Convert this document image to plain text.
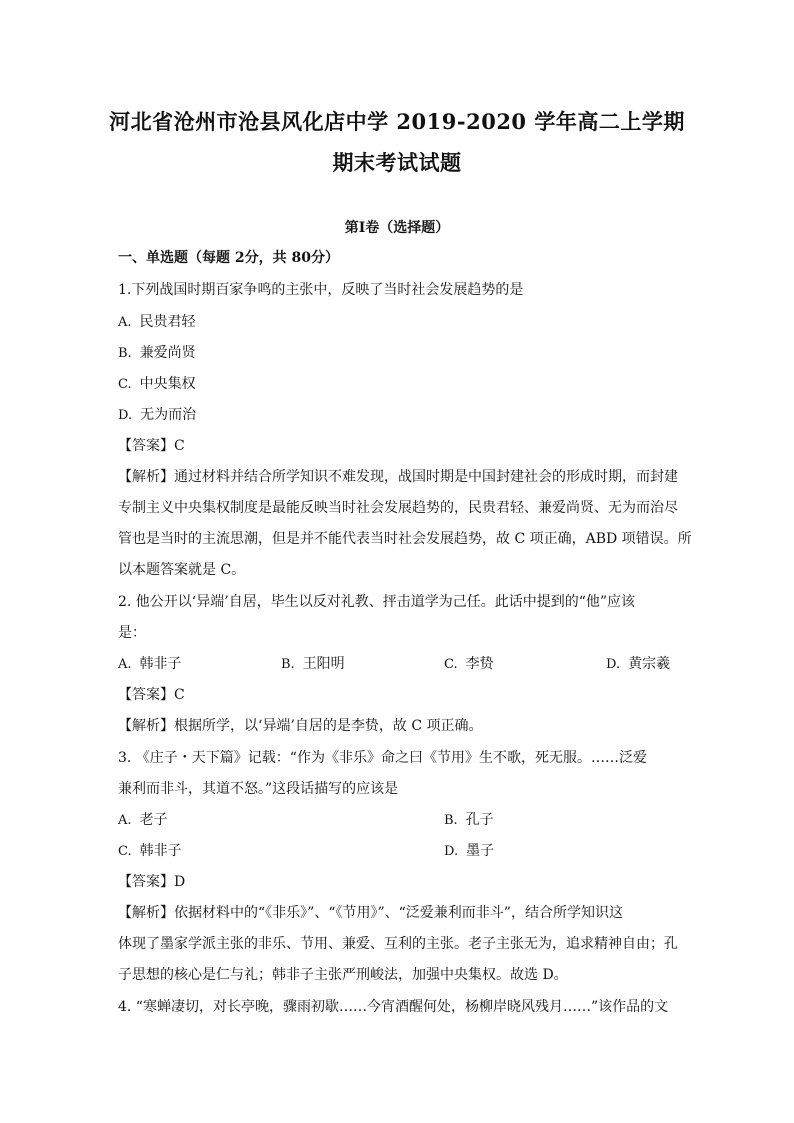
河北省沧州市沧县风化店中学 2019-2020 学年高二上学期
期末考试试题
第Ⅰ卷（选择题）
一、单选题（每题 2分，共 80分）
1.下列战国时期百家争鸣的主张中，反映了当时社会发展趋势的是
A. 民贵君轻
B. 兼爱尚贤
C. 中央集权
D. 无为而治
【答案】C
【解析】通过材料并结合所学知识不难发现，战国时期是中国封建社会的形成时期，而封建
专制主义中央集权制度是最能反映当时社会发展趋势的，民贵君轻、兼爱尚贤、无为而治尽
管也是当时的主流思潮，但是并不能代表当时社会发展趋势，故 C 项正确，ABD 项错误。所
以本题答案就是 C。
2. 他公开以‘异端’自居，毕生以反对礼教、抨击道学为己任。此话中提到的“他”应该
是：
A. 韩非子	B. 王阳明	C. 李贽	D. 黄宗羲
【答案】C
【解析】根据所学，以‘异端’自居的是李贽，故 C 项正确。
3. 《庄子・天下篇》记载：“作为《非乐》命之曰《节用》生不歌，死无服。……泛爱
兼利而非斗，其道不怒。”这段话描写的应该是
A. 老子	B. 孔子
C. 韩非子	D. 墨子
【答案】D
【解析】依据材料中的“《非乐》”、“《节用》”、“泛爱兼利而非斗”，结合所学知识这
体现了墨家学派主张的非乐、节用、兼爱、互利的主张。老子主张无为，追求精神自由；孔
子思想的核心是仁与礼；韩非子主张严刑峻法，加强中央集权。故选 D。
4. “寒蝉凄切，对长亭晚，骤雨初歇……今宵酒醒何处，杨柳岸晓风残月……”该作品的文
